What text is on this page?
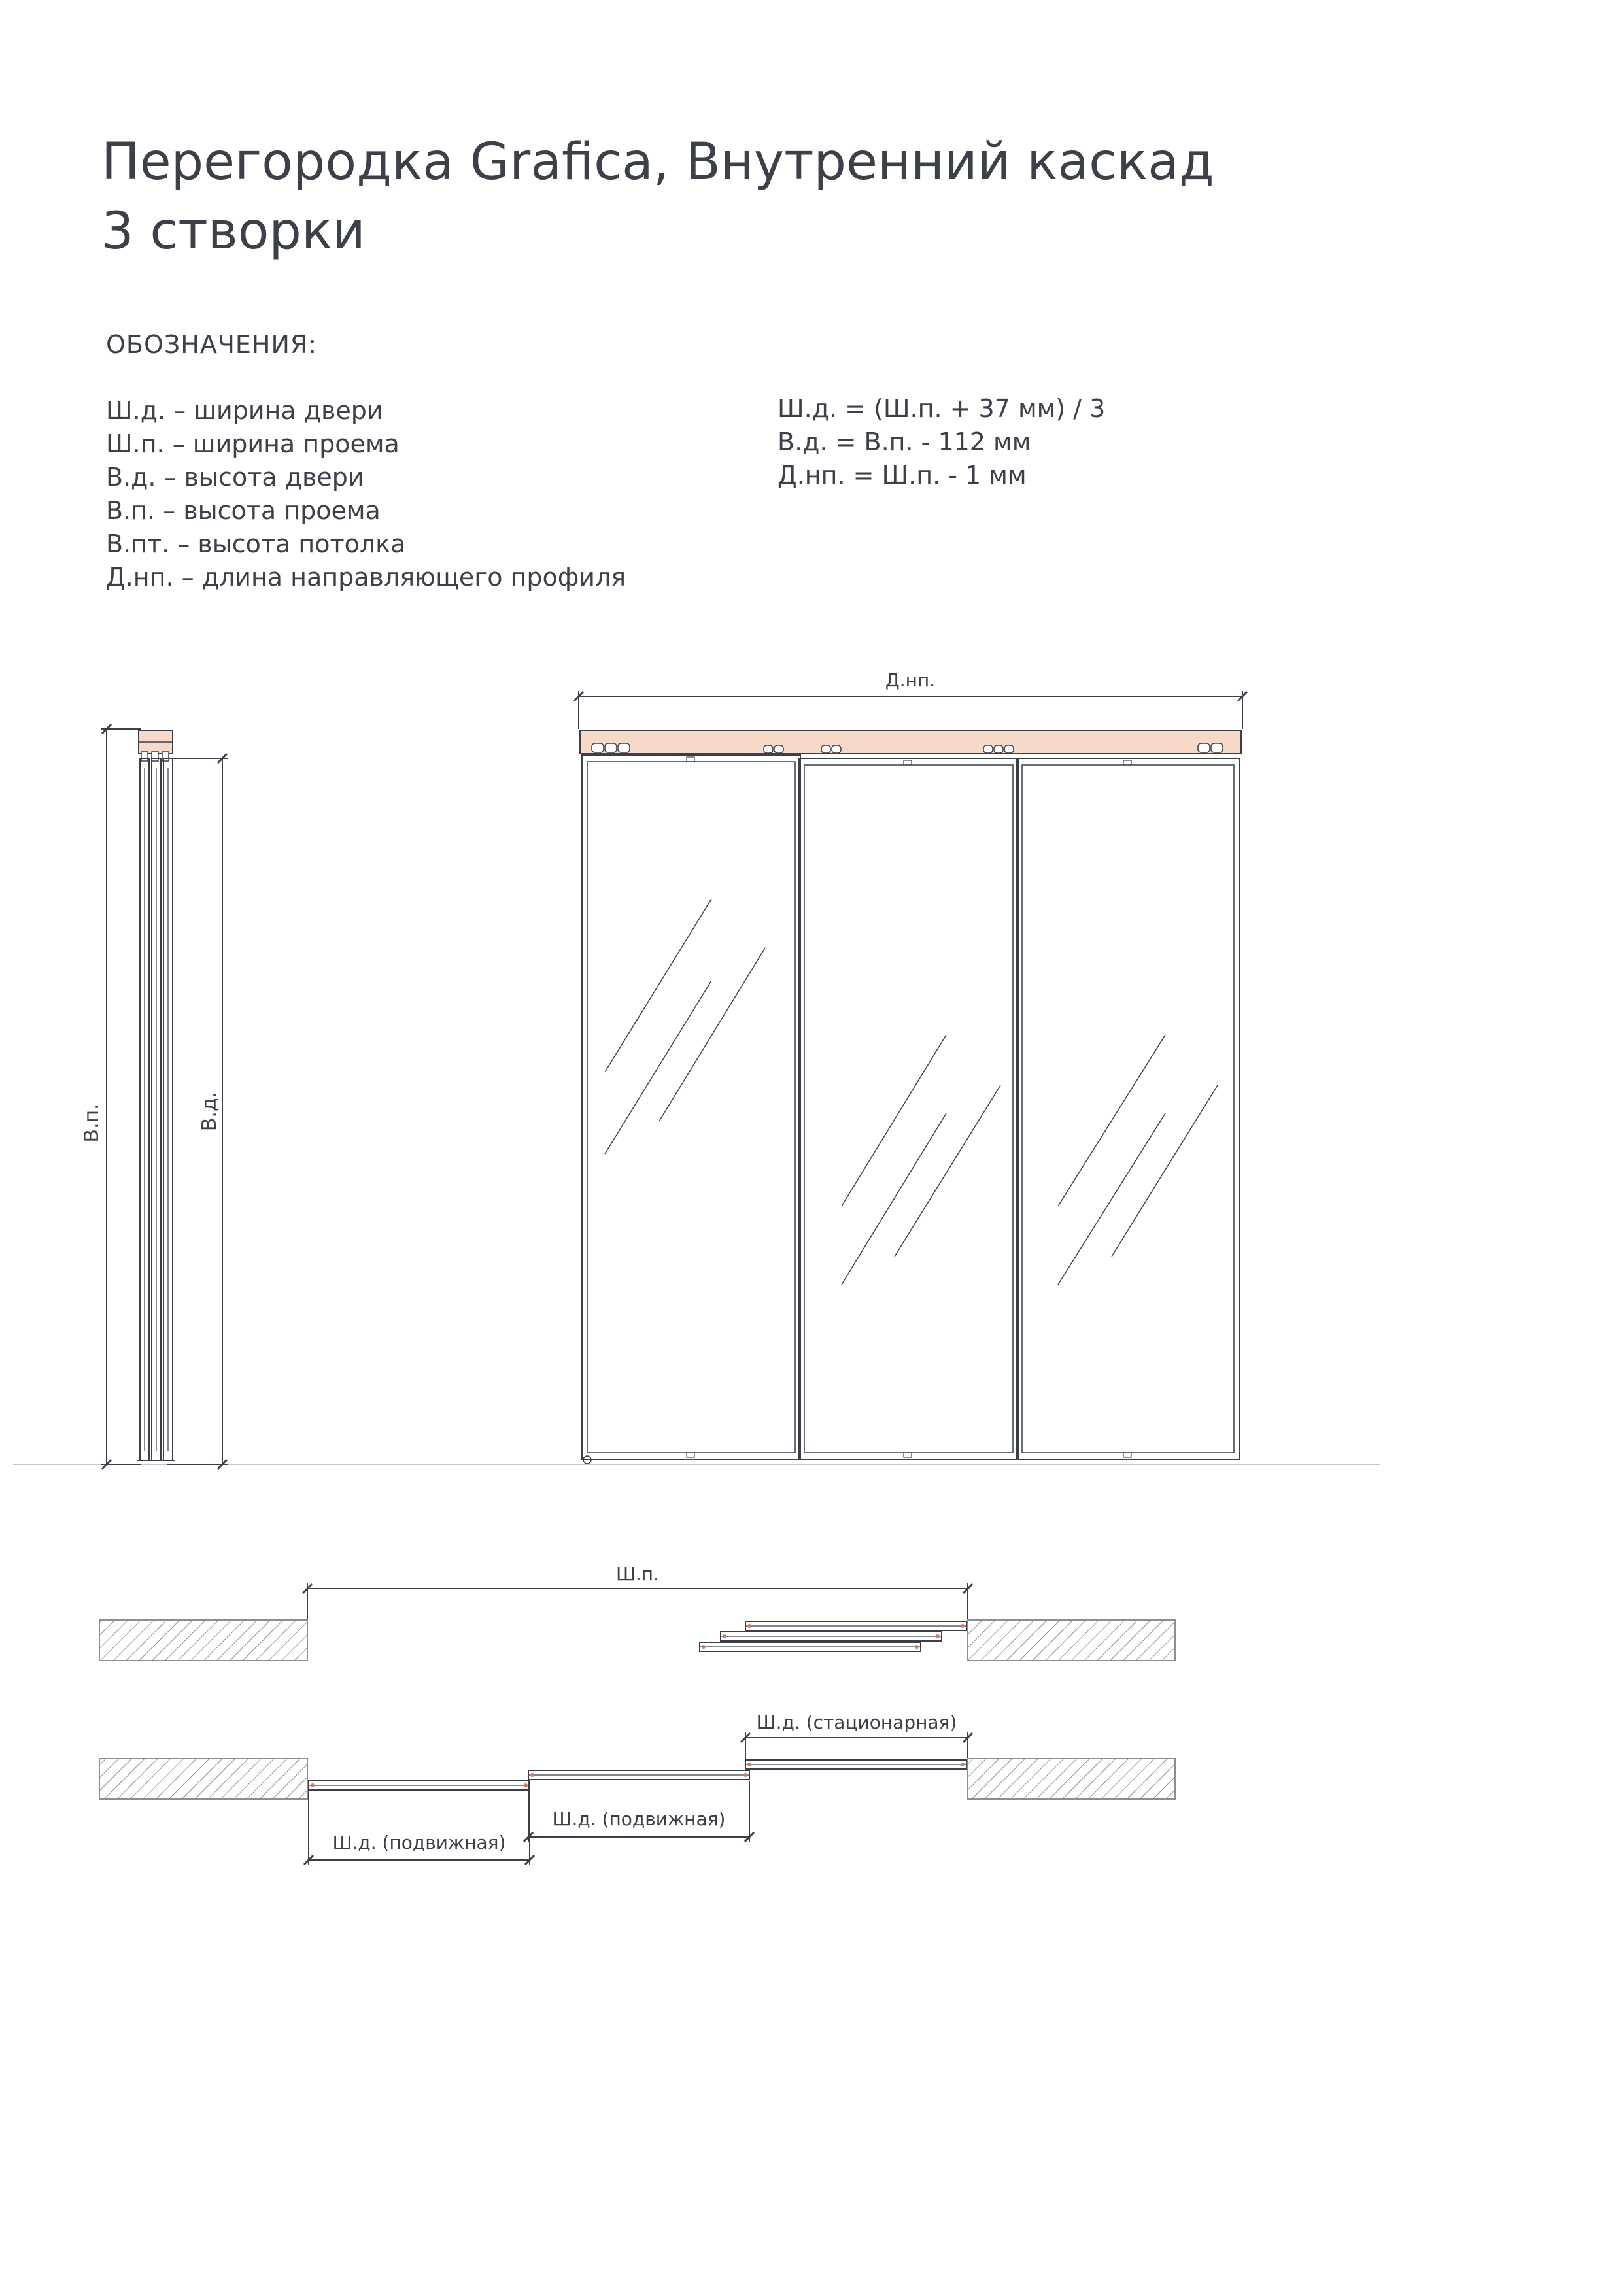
Перегородка Grafica, Внутренний каскад
3 створки
ОБОЗНАЧЕНИЯ:
Ш.д. – ширина двери
Ш.п. – ширина проема
В.д. – высота двери
В.п. – высота проема
В.пт. – высота потолка
Д.нп. – длина направляющего профиля
Ш.д. = (Ш.п. + 37 мм) / 3
В.д. = В.п. - 112 мм
Д.нп. = Ш.п. - 1 мм
В.п.	В.д.
Д.нп.
Ш.п.
Ш.д. (стационарная)
Ш.д. (подвижная)
Ш.д. (подвижная)
